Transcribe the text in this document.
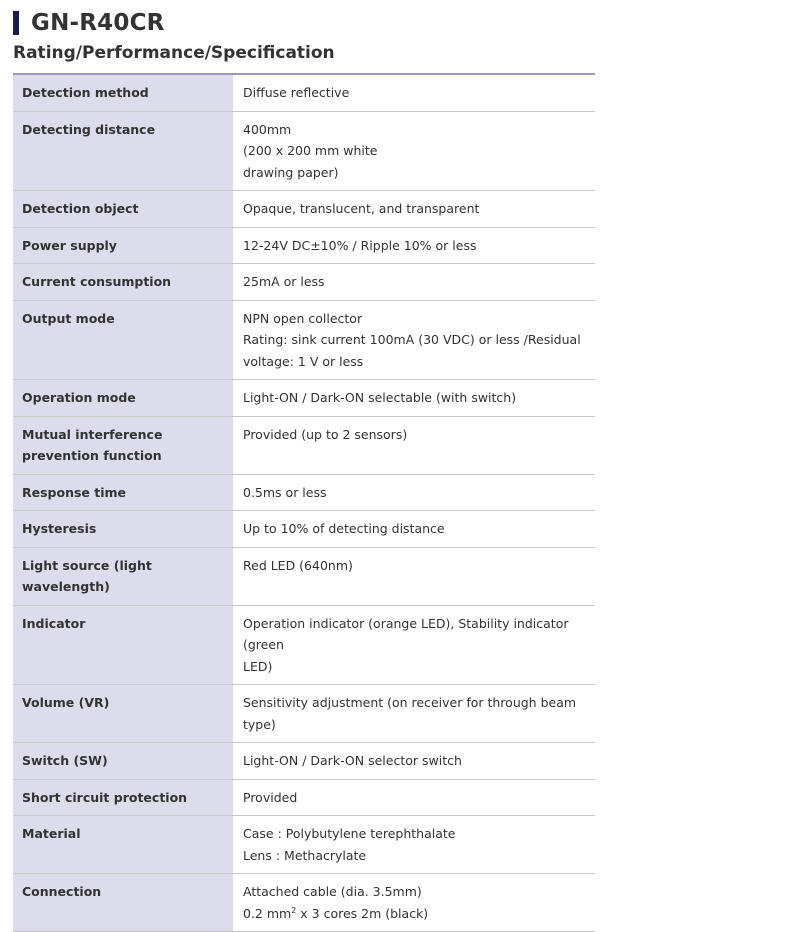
GN-R40CR
Rating/Performance/Specification
Detection method	Diffuse reflective

Detecting distance	400mm
(200 x 200 mm white
drawing paper)

Detection object	Opaque, translucent, and transparent

Power supply	12-24V DC±10% / Ripple 10% or less

Current consumption	25mA or less

Output mode	NPN open collector
Rating: sink current 100mA (30 VDC) or less /Residual
voltage: 1 V or less

Operation mode	Light-ON / Dark-ON selectable (with switch)

Mutual interference prevention function	Provided (up to 2 sensors)

Response time	0.5ms or less

Hysteresis	Up to 10% of detecting distance

Light source (light wavelength)	Red LED (640nm)

Indicator	Operation indicator (orange LED), Stability indicator (green
LED)

Volume (VR)	Sensitivity adjustment (on receiver for through beam type)

Switch (SW)	Light-ON / Dark-ON selector switch

Short circuit protection	Provided

Material	Case : Polybutylene terephthalate
Lens : Methacrylate

Connection	Attached cable (dia. 3.5mm)
0.2 $mm^2$ x 3 cores 2m (black)
